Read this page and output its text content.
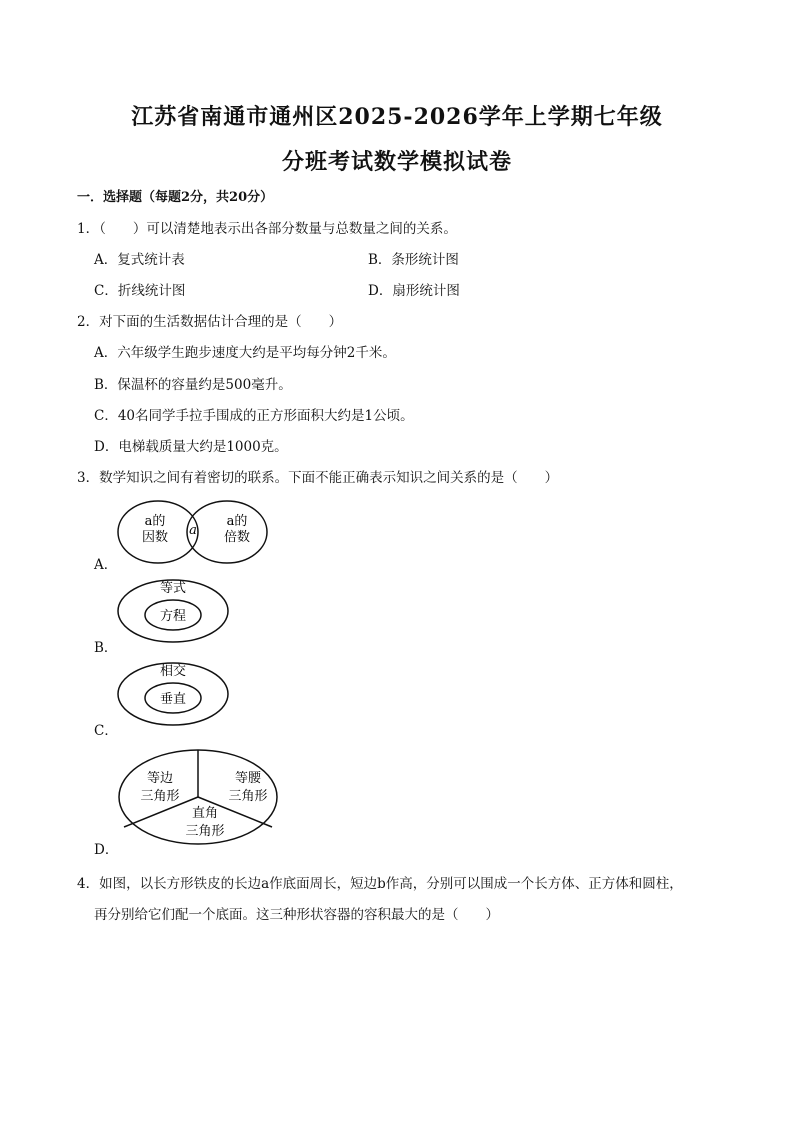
江苏省南通市通州区2025-2026学年上学期七年级
分班考试数学模拟试卷
一．选择题（每题2分，共20分）
1．（　　）可以清楚地表示出各部分数量与总数量之间的关系。
A．复式统计表	B．条形统计图
C．折线统计图	D．扇形统计图
2．对下面的生活数据估计合理的是（　　）
A．六年级学生跑步速度大约是平均每分钟2千米。
B．保温杯的容量约是500毫升。
C．40名同学手拉手围成的正方形面积大约是1公顷。
D．电梯载质量大约是1000克。
3．数学知识之间有着密切的联系。下面不能正确表示知识之间关系的是（　　）
a的
因数 a
a的
倍数
A．
等式
方程
B．
相交
垂直
C．
等边
三角形
等腰
三角形
直角
三角形
D．
4．如图，以长方形铁皮的长边a作底面周长，短边b作高，分别可以围成一个长方体、正方体和圆柱，
再分别给它们配一个底面。这三种形状容器的容积最大的是（　　）
